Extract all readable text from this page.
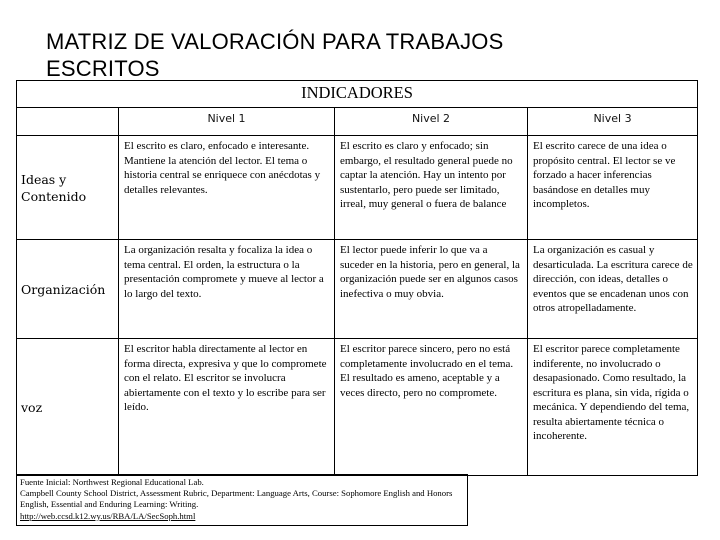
MATRIZ DE VALORACIÓN PARA TRABAJOS ESCRITOS
INDICADORES			
	Nivel 1	Nivel 2	Nivel 3
Ideas y Contenido	El escrito es claro, enfocado e interesante. Mantiene la atención del lector. El tema o historia central se enriquece con anécdotas y detalles relevantes.	El escrito es claro y enfocado; sin embargo, el resultado general puede no captar la atención. Hay un intento por sustentarlo, pero puede ser limitado, irreal, muy general o fuera de balance	El escrito carece de una idea o propósito central. El lector se ve forzado a hacer inferencias basándose en detalles muy incompletos.
Organización	La organización resalta y focaliza la idea o tema central. El orden, la estructura o la presentación compromete y mueve al lector a lo largo del texto.	El lector puede inferir lo que va a suceder en la historia, pero en general, la organización puede ser en algunos casos inefectiva o muy obvia.	La organización es casual y desarticulada. La escritura carece de dirección, con ideas, detalles o eventos que se encadenan unos con otros atropelladamente.
voz	El escritor habla directamente al lector en forma directa, expresiva y que lo compromete con el relato. El escritor se involucra abiertamente con el texto y lo escribe para ser leído.	El escritor parece sincero, pero no está completamente involucrado en el tema. El resultado es ameno, aceptable y a veces directo, pero no compromete.	El escritor parece completamente indiferente, no involucrado o desapasionado. Como resultado, la escritura es plana, sin vida, rígida o mecánica. Y dependiendo del tema, resulta abiertamente técnica o incoherente.
Fuente Inicial: Northwest Regional Educational Lab.
Campbell County School District, Assessment Rubric, Department: Language Arts, Course: Sophomore English and Honors English, Essential and Enduring Learning: Writing.
http://web.ccsd.k12.wy.us/RBA/LA/SecSoph.html
